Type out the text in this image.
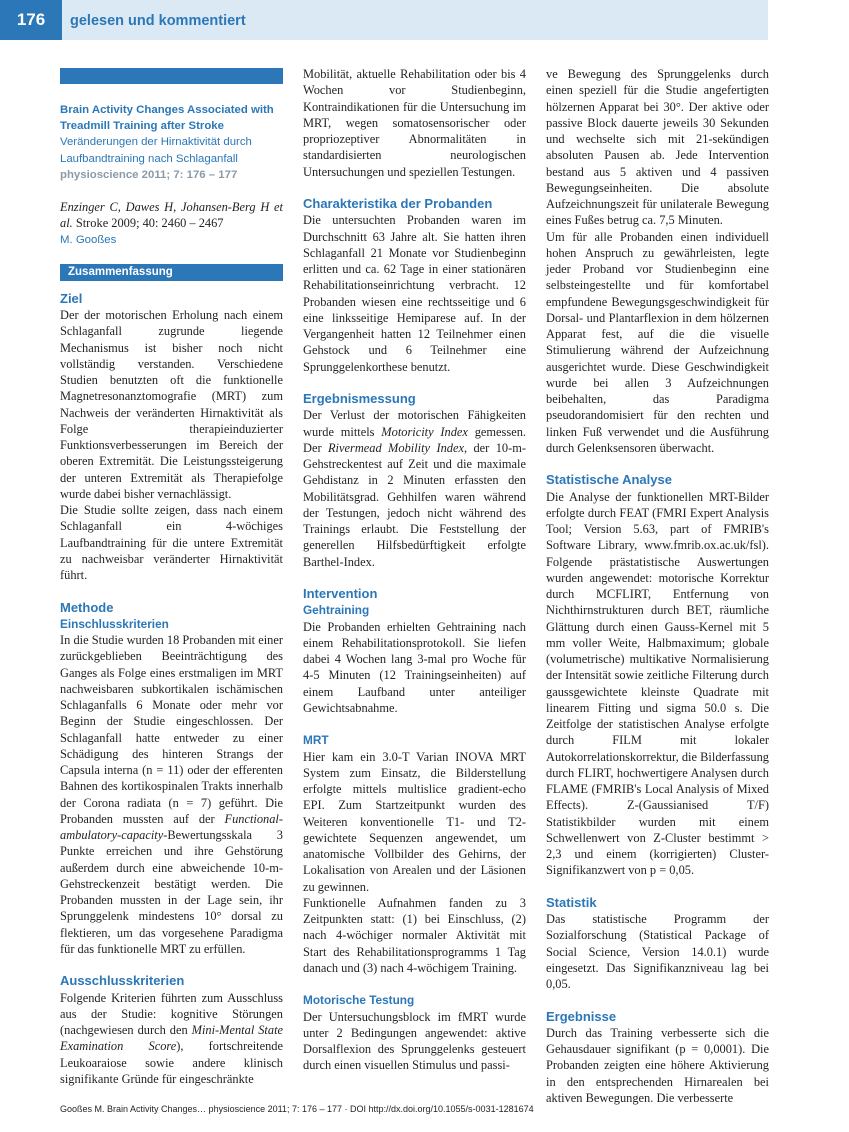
176	gelesen und kommentiert
Brain Activity Changes Associated with Treadmill Training after Stroke
Veränderungen der Hirnaktivität durch Laufbandtraining nach Schlaganfall
physioscience 2011; 7: 176 – 177

Enzinger C, Dawes H, Johansen-Berg H et al. Stroke 2009; 40: 2460 – 2467

M. Gooßes
Zusammenfassung
Ziel

Der der motorischen Erholung nach einem Schlaganfall zugrunde liegende Mechanismus ist bisher noch nicht vollständig verstanden. Verschiedene Studien benutzten oft die funktionelle Magnetresonanztomografie (MRT) zum Nachweis der veränderten Hirnaktivität als Folge therapieinduzierter Funktionsverbesserungen im Bereich der oberen Extremität. Die Leistungssteigerung der unteren Extremität als Therapiefolge wurde dabei bisher vernachlässigt.

Die Studie sollte zeigen, dass nach einem Schlaganfall ein 4-wöchiges Laufbandtraining für die untere Extremität zu nachweisbar veränderter Hirnaktivität führt.

Methode
Einschlusskriterien

In die Studie wurden 18 Probanden mit einer zurückgeblieben Beeinträchtigung des Ganges als Folge eines erstmaligen im MRT nachweisbaren subkortikalen ischämischen Schlaganfalls 6 Monate oder mehr vor Beginn der Studie eingeschlossen. Der Schlaganfall hatte entweder zu einer Schädigung des hinteren Strangs der Capsula interna (n = 11) oder der efferenten Bahnen des kortikospinalen Trakts innerhalb der Corona radiata (n = 7) geführt. Die Probanden mussten auf der Functional-ambulatory-capacity-Bewertungsskala 3 Punkte erreichen und ihre Gehstörung außerdem durch eine abweichende 10-m-Gehstreckenzeit bestätigt werden. Die Probanden mussten in der Lage sein, ihr Sprunggelenk mindestens 10° dorsal zu flektieren, um das vorgesehene Paradigma für das funktionelle MRT zu erfüllen.

Ausschlusskriterien

Folgende Kriterien führten zum Ausschluss aus der Studie: kognitive Störungen (nachgewiesen durch den Mini-Mental State Examination Score), fortschreitende Leukoaraiose sowie andere klinisch signifikante Gründe für eingeschränkte

Mobilität, aktuelle Rehabilitation oder bis 4 Wochen vor Studienbeginn, Kontraindikationen für die Untersuchung im MRT, wegen somatosensorischer oder propriozeptiver Abnormalitäten in standardisierten neurologischen Untersuchungen und speziellen Testungen.

Charakteristika der Probanden

Die untersuchten Probanden waren im Durchschnitt 63 Jahre alt. Sie hatten ihren Schlaganfall 21 Monate vor Studienbeginn erlitten und ca. 62 Tage in einer stationären Rehabilitationseinrichtung verbracht. 12 Probanden wiesen eine rechtsseitige und 6 eine linksseitige Hemiparese auf. In der Vergangenheit hatten 12 Teilnehmer einen Gehstock und 6 Teilnehmer eine Sprunggelenkorthese benutzt.

Ergebnismessung

Der Verlust der motorischen Fähigkeiten wurde mittels Motoricity Index gemessen. Der Rivermead Mobility Index, der 10-m-Gehstreckentest auf Zeit und die maximale Gehdistanz in 2 Minuten erfassten den Mobilitätsgrad. Gehhilfen waren während der Testungen, jedoch nicht während des Trainings erlaubt. Die Feststellung der generellen Hilfsbedürftigkeit erfolgte Barthel-Index.

Intervention
Gehtraining

Die Probanden erhielten Gehtraining nach einem Rehabilitationsprotokoll. Sie liefen dabei 4 Wochen lang 3-mal pro Woche für 4-5 Minuten (12 Trainingseinheiten) auf einem Laufband unter anteiliger Gewichtsabnahme.

MRT

Hier kam ein 3.0-T Varian INOVA MRT System zum Einsatz, die Bilderstellung erfolgte mittels multislice gradient-echo EPI. Zum Startzeitpunkt wurden des Weiteren konventionelle T1- und T2-gewichtete Sequenzen angewendet, um anatomische Vollbilder des Gehirns, der Lokalisation von Arealen und der Läsionen zu gewinnen.

Funktionelle Aufnahmen fanden zu 3 Zeitpunkten statt: (1) bei Einschluss, (2) nach 4-wöchiger normaler Aktivität mit Start des Rehabilitationsprogramms 1 Tag danach und (3) nach 4-wöchigem Training.

Motorische Testung

Der Untersuchungsblock im fMRT wurde unter 2 Bedingungen angewendet: aktive Dorsalflexion des Sprunggelenks gesteuert durch einen visuellen Stimulus und passi-

ve Bewegung des Sprunggelenks durch einen speziell für die Studie angefertigten hölzernen Apparat bei 30°. Der aktive oder passive Block dauerte jeweils 30 Sekunden und wechselte sich mit 21-sekündigen absoluten Pausen ab. Jede Intervention bestand aus 5 aktiven und 4 passiven Bewegungseinheiten. Die absolute Aufzeichnungszeit für unilaterale Bewegung eines Fußes betrug ca. 7,5 Minuten.

Um für alle Probanden einen individuell hohen Anspruch zu gewährleisten, legte jeder Proband vor Studienbeginn eine selbsteingestellte und für komfortabel empfundene Bewegungsgeschwindigkeit für Dorsal- und Plantarflexion in dem hölzernen Apparat fest, auf die die visuelle Stimulierung während der Aufzeichnung ausgerichtet wurde. Diese Geschwindigkeit wurde bei allen 3 Aufzeichnungen beibehalten, das Paradigma pseudorandomisiert für den rechten und linken Fuß verwendet und die Ausführung durch Gelenksensoren überwacht.

Statistische Analyse

Die Analyse der funktionellen MRT-Bilder erfolgte durch FEAT (FMRI Expert Analysis Tool; Version 5.63, part of FMRIB's Software Library, www.fmrib.ox.ac.uk/fsl). Folgende prästatistische Auswertungen wurden angewendet: motorische Korrektur durch MCFLIRT, Entfernung von Nichthirnstrukturen durch BET, räumliche Glättung durch einen Gauss-Kernel mit 5 mm voller Weite, Halbmaximum; globale (volumetrische) multikative Normalisierung der Intensität sowie zeitliche Filterung durch gaussgewichtete kleinste Quadrate mit linearem Fitting und sigma 50.0 s. Die Zeitfolge der statistischen Analyse erfolgte durch FILM mit lokaler Autokorrelationskorrektur, die Bilderfassung durch FLIRT, hochwertigere Analysen durch FLAME (FMRIB's Local Analysis of Mixed Effects). Z-(Gaussianised T/F) Statistikbilder wurden mit einem Schwellenwert von Z-Cluster bestimmt > 2,3 und einem (korrigierten) Cluster-Signifikanzwert von p = 0,05.

Statistik

Das statistische Programm der Sozialforschung (Statistical Package of Social Science, Version 14.0.1) wurde eingesetzt. Das Signifikanzniveau lag bei 0,05.

Ergebnisse

Durch das Training verbesserte sich die Gehausdauer signifikant (p = 0,0001). Die Probanden zeigten eine höhere Aktivierung in den entsprechenden Hirnarealen bei aktiven Bewegungen. Die verbesserte

Gooßes M. Brain Activity Changes… physioscience 2011; 7: 176 – 177 · DOI http://dx.doi.org/10.1055/s-0031-1281674
